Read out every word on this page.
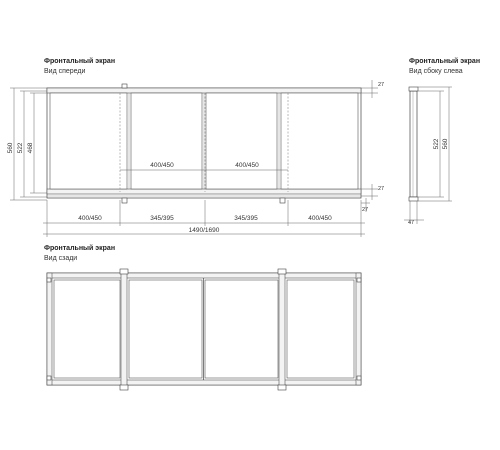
Фронтальный экран
Вид спереди
560 522 468
27
27
27
400/450	400/450
400/450	345/395	345/395	400/450
1490/1690
Фронтальный экран
Вид сбоку слева
522 560
47
Фронтальный экран
Вид сзади
